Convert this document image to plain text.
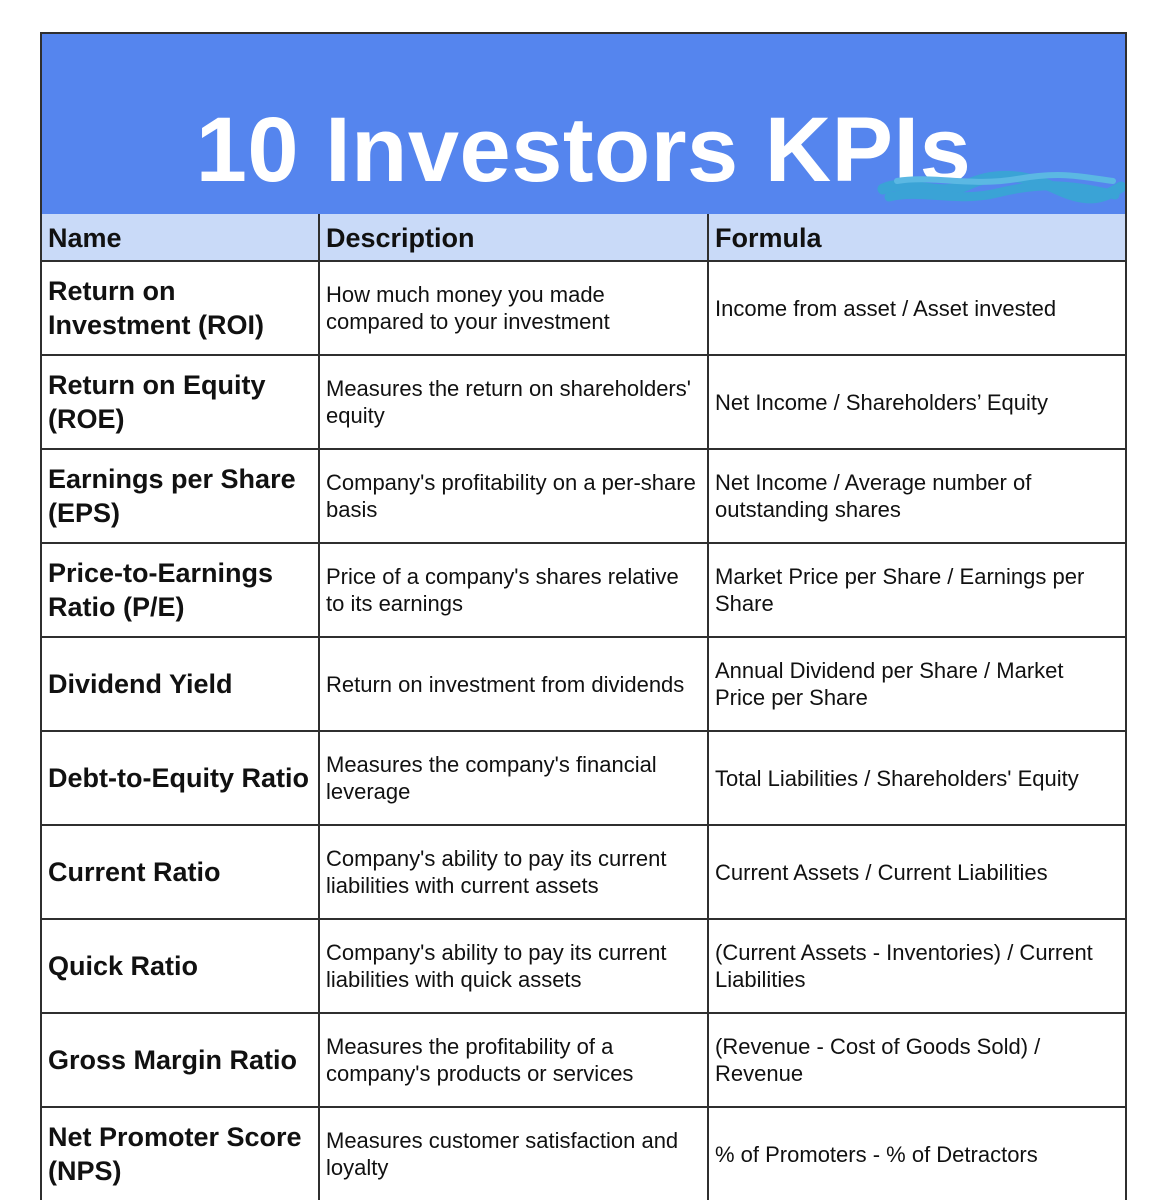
10 Investors KPIs
Name	Description	Formula
Return on Investment (ROI)	How much money you made compared to your investment	Income from asset / Asset invested
Return on Equity (ROE)	Measures the return on shareholders' equity	Net Income / Shareholders’ Equity
Earnings per Share (EPS)	Company's profitability on a per-share basis	Net Income / Average number of outstanding shares
Price-to-Earnings Ratio (P/E)	Price of a company's shares relative to its earnings	Market Price per Share / Earnings per Share
Dividend Yield	Return on investment from dividends	Annual Dividend per Share / Market Price per Share
Debt-to-Equity Ratio	Measures the company's financial leverage	Total Liabilities / Shareholders' Equity
Current Ratio	Company's ability to pay its current liabilities with current assets	Current Assets / Current Liabilities
Quick Ratio	Company's ability to pay its current liabilities with quick assets	(Current Assets - Inventories) / Current Liabilities
Gross Margin Ratio	Measures the profitability of a company's products or services	(Revenue - Cost of Goods Sold) / Revenue
Net Promoter Score (NPS)	Measures customer satisfaction and loyalty	% of Promoters - % of Detractors
